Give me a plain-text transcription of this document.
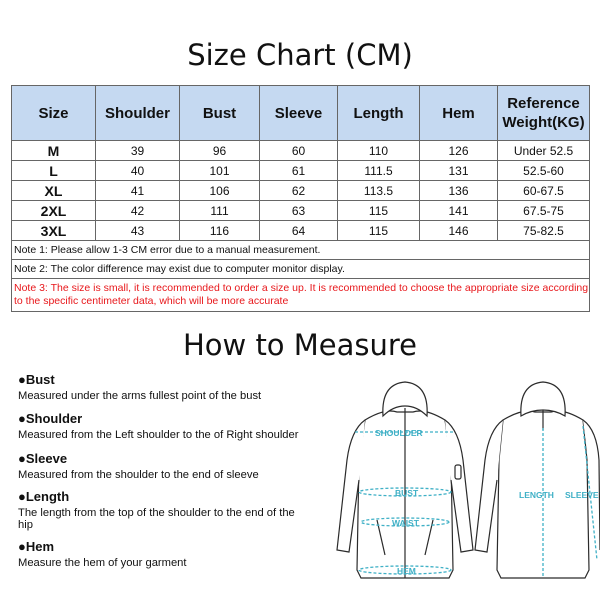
Size Chart (CM)
Size	Shoulder	Bust	Sleeve	Length	Hem	Reference
Weight(KG)

M	39	96	60	110	126	Under 52.5
L	40	101	61	111.5	131	52.5-60
XL	41	106	62	113.5	136	60-67.5
2XL	42	111	63	115	141	67.5-75
3XL	43	116	64	115	146	75-82.5
Note 1: Please allow 1-3 CM error due to a manual measurement.						
Note 2: The color difference may exist due to computer monitor display.						
Note 3: The size is small, it is recommended to order a size up. It is recommended to choose the appropriate size according to the specific centimeter data, which will be more accurate						
How to Measure
●Bust
Measured under the arms fullest point of the bust
●Shoulder
Measured from the Left shoulder to the of Right shoulder
●Sleeve
Measured from the shoulder to the end of sleeve
●Length
The length from the top of the shoulder to the end of the hip
●Hem
Measure the hem of your garment
SHOULDER
BUST
WAIST
HEM
LENGTH SLEEVE
